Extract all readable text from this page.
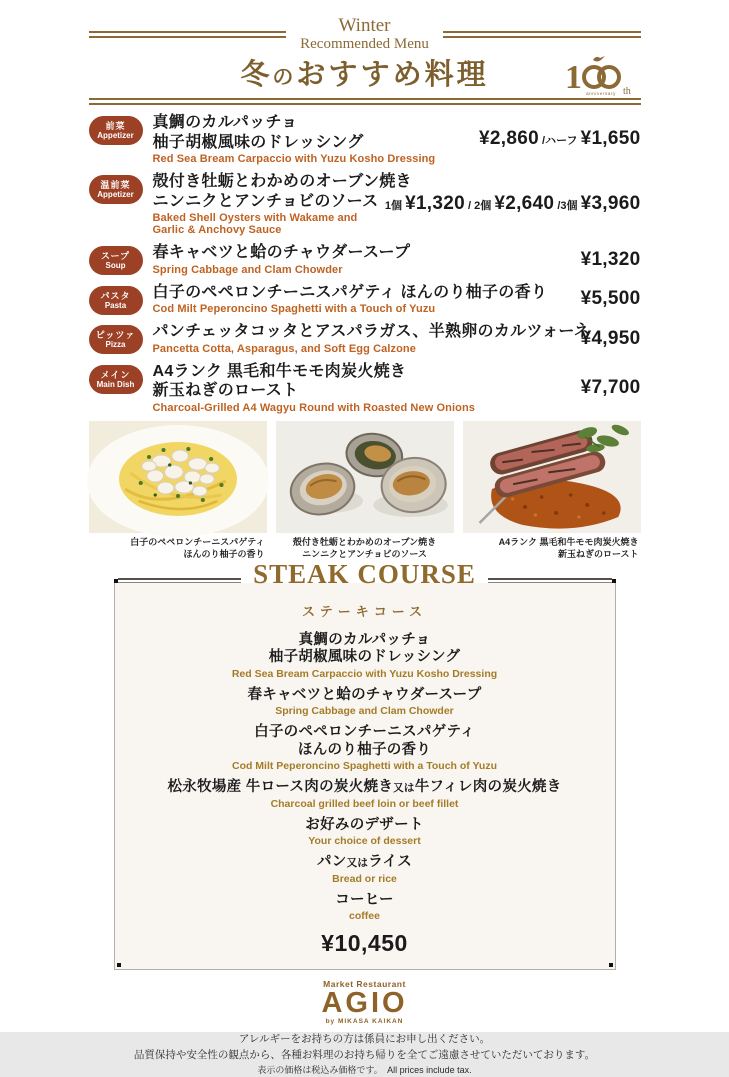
Winter
Recommended Menu
冬のおすすめ料理	1	th
anniversary
前菜
Appetizer
真鯛のカルパッチョ
柚子胡椒風味のドレッシング
Red Sea Bream Carpaccio with Yuzu Kosho Dressing
¥2,860 /ハーフ ¥1,650
温前菜
Appetizer
殻付き牡蛎とわかめのオーブン焼き
ニンニクとアンチョビのソース
Baked Shell Oysters with Wakame and Garlic & Anchovy Sauce
1個 ¥1,320 / 2個 ¥2,640 /3個 ¥3,960
スープ
Soup
春キャベツと蛤のチャウダースープ
Spring Cabbage and Clam Chowder
¥1,320
パスタ
Pasta
白子のペペロンチーニスパゲティ ほんのり柚子の香り
Cod Milt Peperoncino Spaghetti with a Touch of Yuzu
¥5,500
ピッツァ
Pizza
パンチェッタコッタとアスパラガス、半熟卵のカルツォーネ
Pancetta Cotta, Asparagus, and Soft Egg Calzone
¥4,950
メイン
Main Dish
A4ランク 黒毛和牛モモ肉炭火焼き
新玉ねぎのロースト
Charcoal-Grilled A4 Wagyu Round with Roasted New Onions
¥7,700
白子のペペロンチーニスパゲティ
ほんのり柚子の香り
殻付き牡蛎とわかめのオーブン焼き
ニンニクとアンチョビのソース
A4ランク 黒毛和牛モモ肉炭火焼き
新玉ねぎのロースト
STEAK COURSE
ステーキコース
真鯛のカルパッチョ
柚子胡椒風味のドレッシング
Red Sea Bream Carpaccio with Yuzu Kosho Dressing
春キャベツと蛤のチャウダースープ
Spring Cabbage and Clam Chowder
白子のペペロンチーニスパゲティ
ほんのり柚子の香り
Cod Milt Peperoncino Spaghetti with a Touch of Yuzu
松永牧場産 牛ロース肉の炭火焼き又は牛フィレ肉の炭火焼き
Charcoal grilled beef loin or beef fillet
お好みのデザート
Your choice of dessert
パン又はライス
Bread or rice
コーヒー
coffee
¥10,450
Market Restaurant
AGIO
by MIKASA KAIKAN
アレルギーをお持ちの方は係員にお申し出ください。
品質保持や安全性の観点から、各種お料理のお持ち帰りを全てご遠慮させていただいております。
表示の価格は税込み価格です。　All prices include tax.
